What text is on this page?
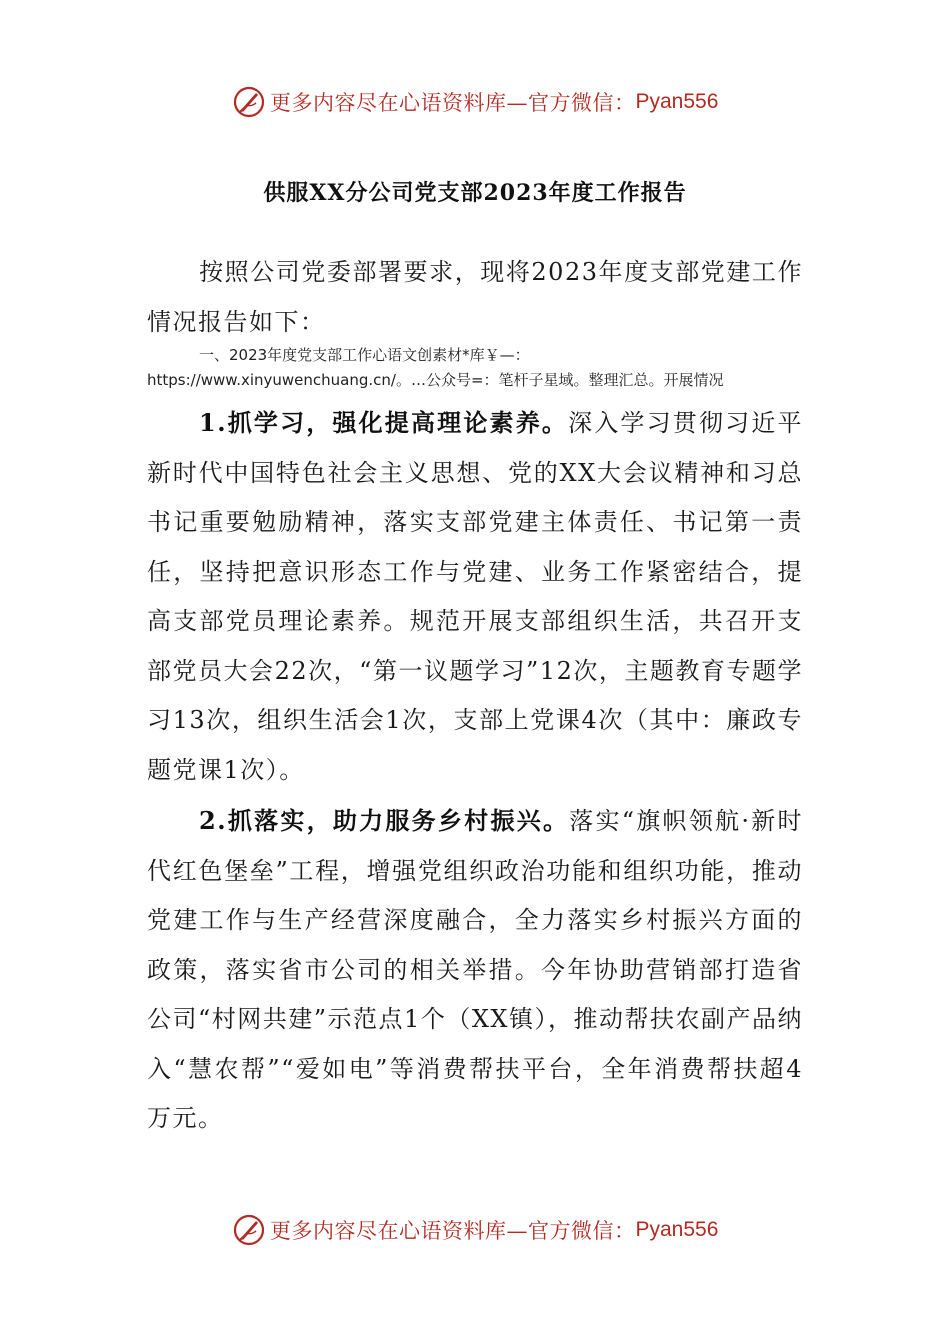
更多内容尽在心语资料库—官方微信： Pyan556
供服XX分公司党支部2023年度工作报告
按照公司党委部署要求，现将2023年度支部党建工作情况报告如下：
一、2023年度党支部工作心语文创素材*库￥—：https://www.xinyuwenchuang.cn/。…公众号=：笔杆子星域。整理汇总。开展情况
1.抓学习，强化提高理论素养。深入学习贯彻习近平新时代中国特色社会主义思想、党的XX大会议精神和习总书记重要勉励精神，落实支部党建主体责任、书记第一责任，坚持把意识形态工作与党建、业务工作紧密结合，提高支部党员理论素养。规范开展支部组织生活，共召开支部党员大会22次，“第一议题学习”12次，主题教育专题学习13次，组织生活会1次，支部上党课4次（其中：廉政专题党课1次）。
2.抓落实，助力服务乡村振兴。落实“旗帜领航·新时代红色堡垒”工程，增强党组织政治功能和组织功能，推动党建工作与生产经营深度融合，全力落实乡村振兴方面的政策，落实省市公司的相关举措。今年协助营销部打造省公司“村网共建”示范点1个（XX镇），推动帮扶农副产品纳入“慧农帮”“爱如电”等消费帮扶平台，全年消费帮扶超4万元。
更多内容尽在心语资料库—官方微信： Pyan556
